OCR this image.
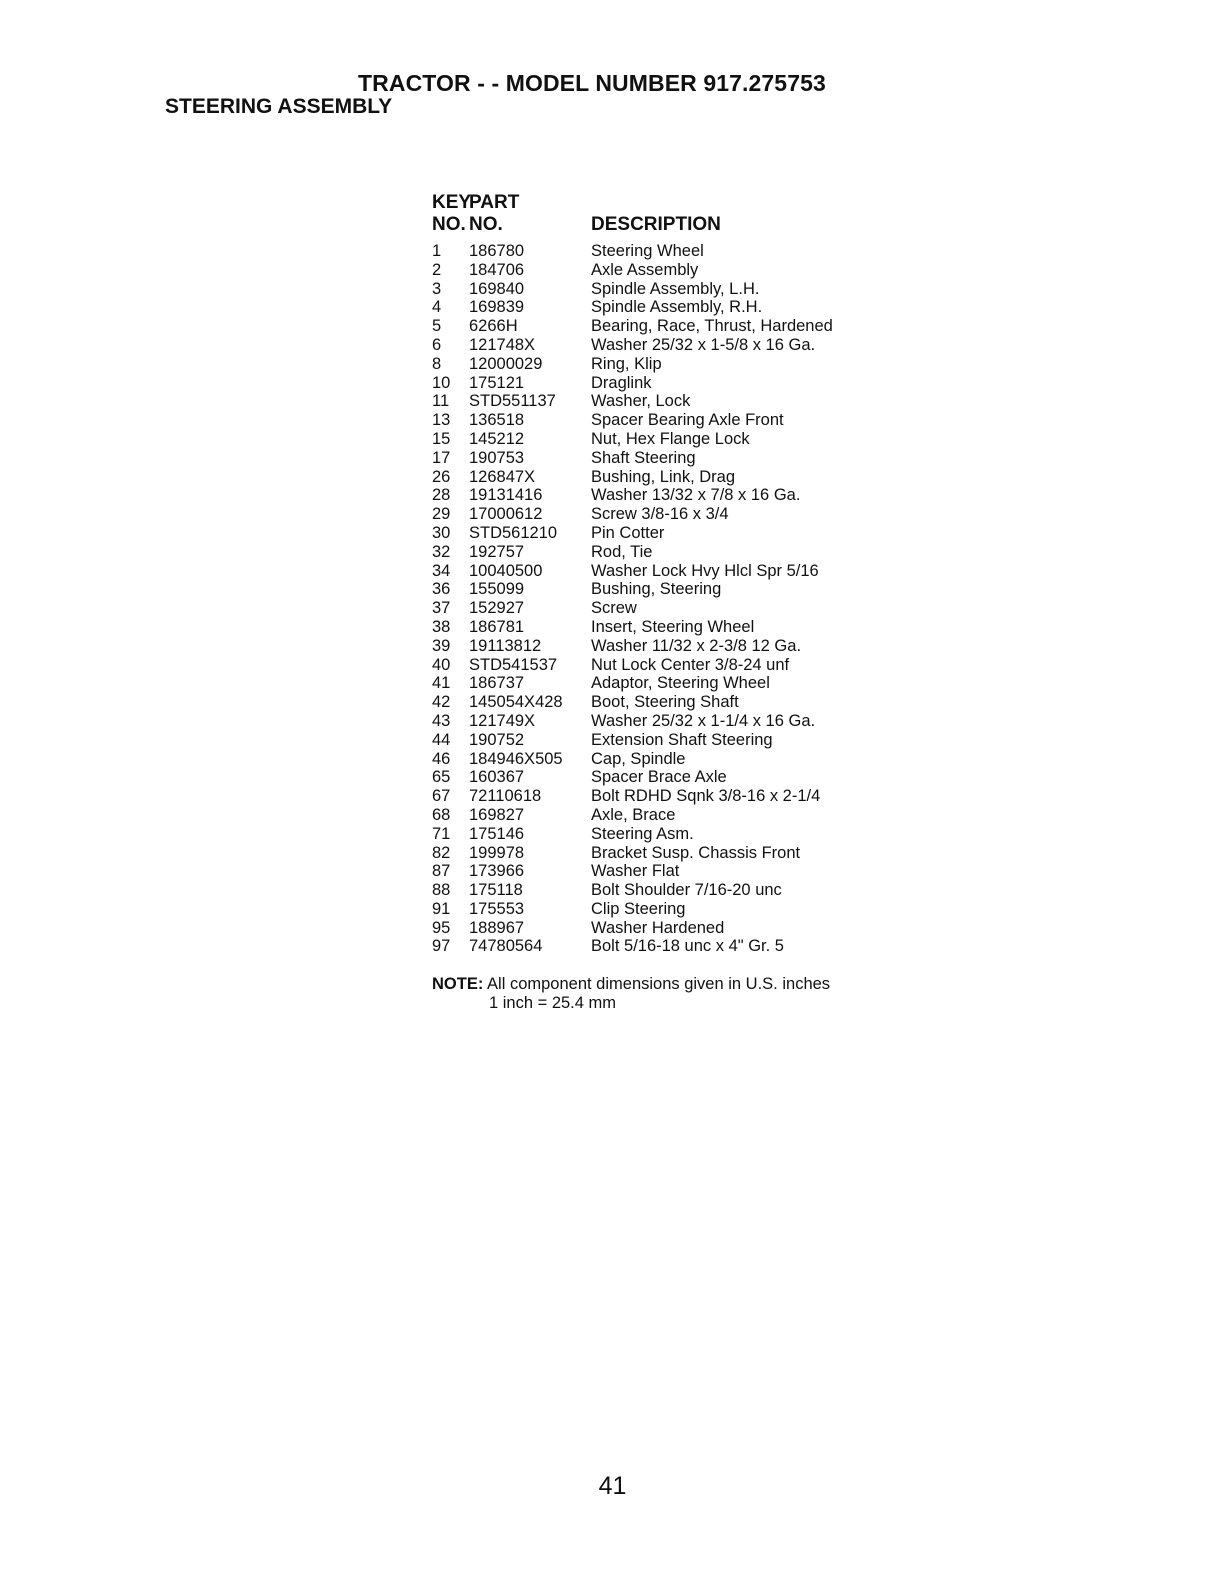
TRACTOR - - MODEL NUMBER 917.275753
STEERING ASSEMBLY
KEY
NO.
PART
NO.	DESCRIPTION
1 186780	Steering Wheel
2 184706	Axle Assembly
3 169840	Spindle Assembly, L.H.
4 169839	Spindle Assembly, R.H.
5 6266H	Bearing, Race, Thrust, Hardened
6 121748X	Washer 25/32 x 1-5/8 x 16 Ga.
8 12000029	Ring, Klip
10 175121	Draglink
11 STD551137 Washer, Lock
13 136518	Spacer Bearing Axle Front
15 145212	Nut, Hex Flange Lock
17 190753	Shaft Steering
26 126847X	Bushing, Link, Drag
28 19131416	Washer 13/32 x 7/8 x 16 Ga.
29 17000612	Screw 3/8-16 x 3/4
30 STD561210 Pin Cotter
32 192757	Rod, Tie
34 10040500	Washer Lock Hvy Hlcl Spr 5/16
36 155099	Bushing, Steering
37 152927	Screw
38 186781	Insert, Steering Wheel
39 19113812	Washer 11/32 x 2-3/8 12 Ga.
40 STD541537 Nut Lock Center 3/8-24 unf
41 186737	Adaptor, Steering Wheel
42 145054X428 Boot, Steering Shaft
43 121749X	Washer 25/32 x 1-1/4 x 16 Ga.
44 190752	Extension Shaft Steering
46 184946X505 Cap, Spindle
65 160367	Spacer Brace Axle
67 72110618	Bolt RDHD Sqnk 3/8-16 x 2-1/4
68 169827	Axle, Brace
71 175146	Steering Asm.
82 199978	Bracket Susp. Chassis Front
87 173966	Washer Flat
88 175118	Bolt Shoulder 7/16-20 unc
91 175553	Clip Steering
95 188967	Washer Hardened
97 74780564	Bolt 5/16-18 unc x 4" Gr. 5
NOTE: All component dimensions given in U.S. inches
1 inch = 25.4 mm
41
